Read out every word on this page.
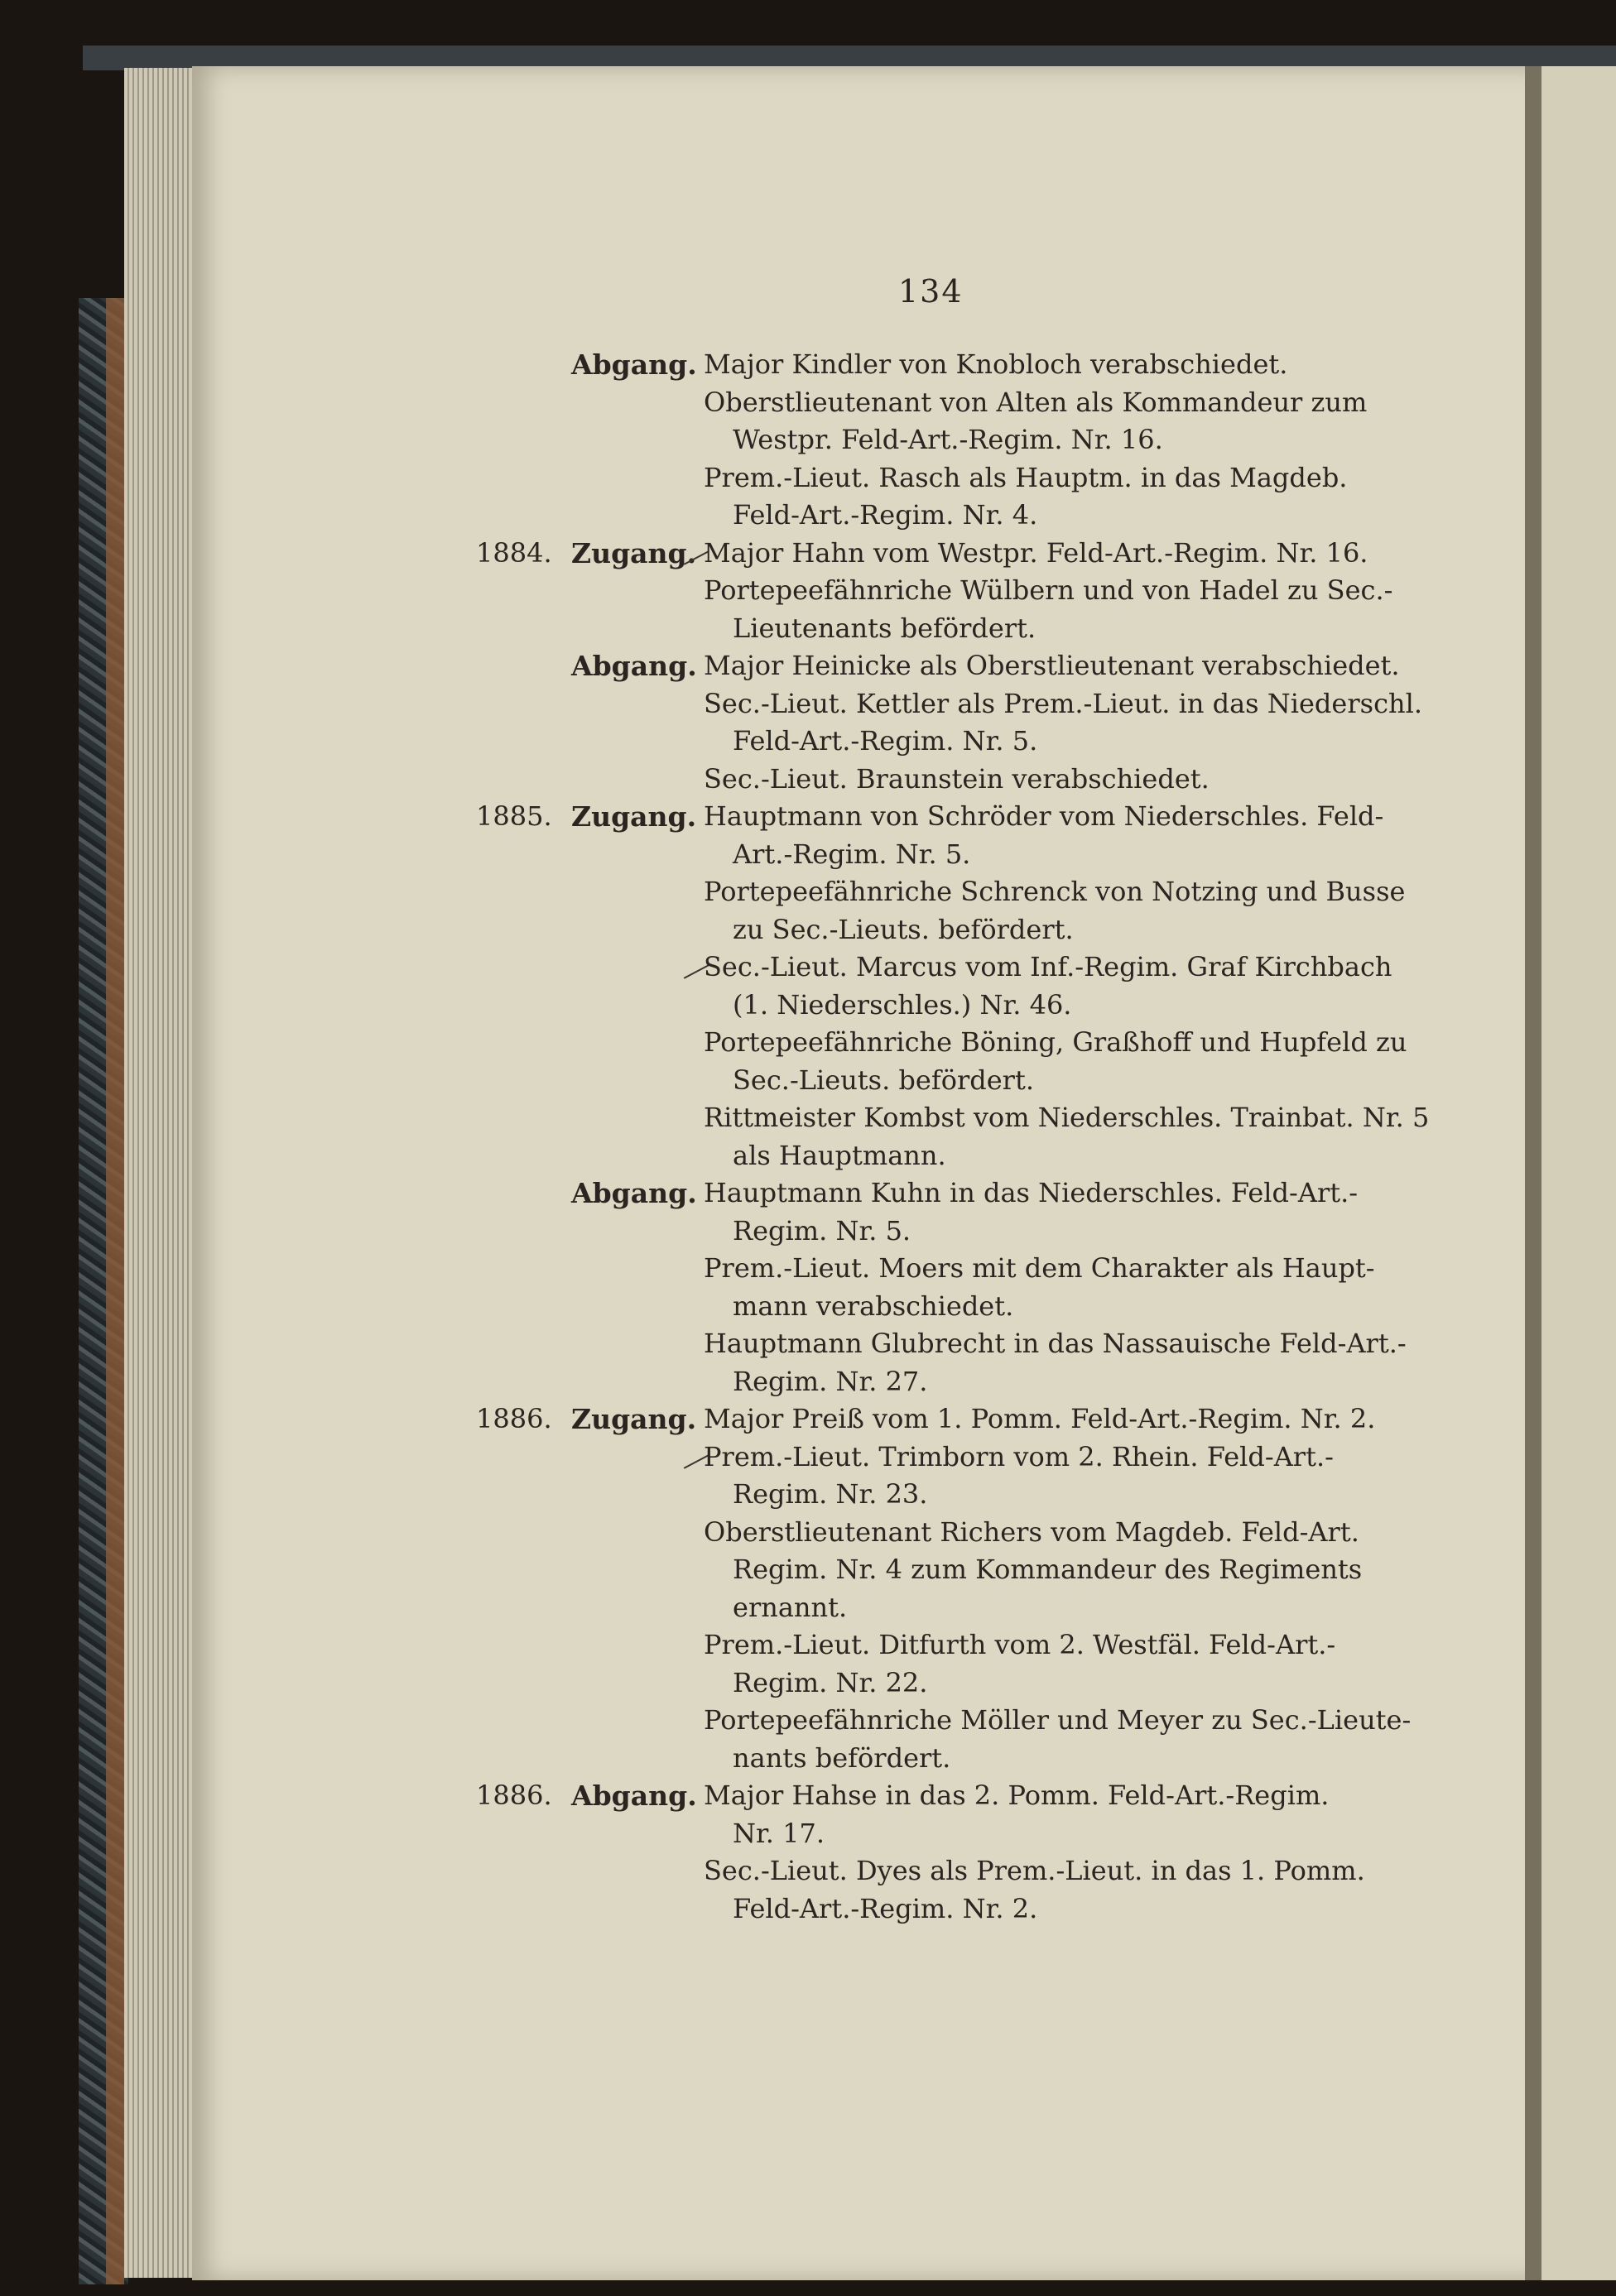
134
Abgang. Major Kindler von Knobloch verabschiedet.
Oberstlieutenant von Alten als Kommandeur zum
Westpr. Feld-Art.-Regim. Nr. 16.
Prem.-Lieut. Rasch als Hauptm. in das Magdeb.
Feld-Art.-Regim. Nr. 4.
1884. Zugang. Major Hahn vom Westpr. Feld-Art.-Regim. Nr. 16.
Portepeefähnriche Wülbern und von Hadel zu Sec.-
Lieutenants befördert.
Abgang. Major Heinicke als Oberstlieutenant verabschiedet.
Sec.-Lieut. Kettler als Prem.-Lieut. in das Niederschl.
Feld-Art.-Regim. Nr. 5.
Sec.-Lieut. Braunstein verabschiedet.
1885. Zugang. Hauptmann von Schröder vom Niederschles. Feld-
Art.-Regim. Nr. 5.
Portepeefähnriche Schrenck von Notzing und Busse
zu Sec.-Lieuts. befördert.
Sec.-Lieut. Marcus vom Inf.-Regim. Graf Kirchbach
(1. Niederschles.) Nr. 46.
Portepeefähnriche Böning, Graßhoff und Hupfeld zu
Sec.-Lieuts. befördert.
Rittmeister Kombst vom Niederschles. Trainbat. Nr. 5
als Hauptmann.
Abgang. Hauptmann Kuhn in das Niederschles. Feld-Art.-
Regim. Nr. 5.
Prem.-Lieut. Moers mit dem Charakter als Haupt-
mann verabschiedet.
Hauptmann Glubrecht in das Nassauische Feld-Art.-
Regim. Nr. 27.
1886. Zugang. Major Preiß vom 1. Pomm. Feld-Art.-Regim. Nr. 2.
Prem.-Lieut. Trimborn vom 2. Rhein. Feld-Art.-
Regim. Nr. 23.
Oberstlieutenant Richers vom Magdeb. Feld-Art.
Regim. Nr. 4 zum Kommandeur des Regiments
ernannt.
Prem.-Lieut. Ditfurth vom 2. Westfäl. Feld-Art.-
Regim. Nr. 22.
Portepeefähnriche Möller und Meyer zu Sec.-Lieute-
nants befördert.
1886. Abgang. Major Hahse in das 2. Pomm. Feld-Art.-Regim.
Nr. 17.
Sec.-Lieut. Dyes als Prem.-Lieut. in das 1. Pomm.
Feld-Art.-Regim. Nr. 2.
